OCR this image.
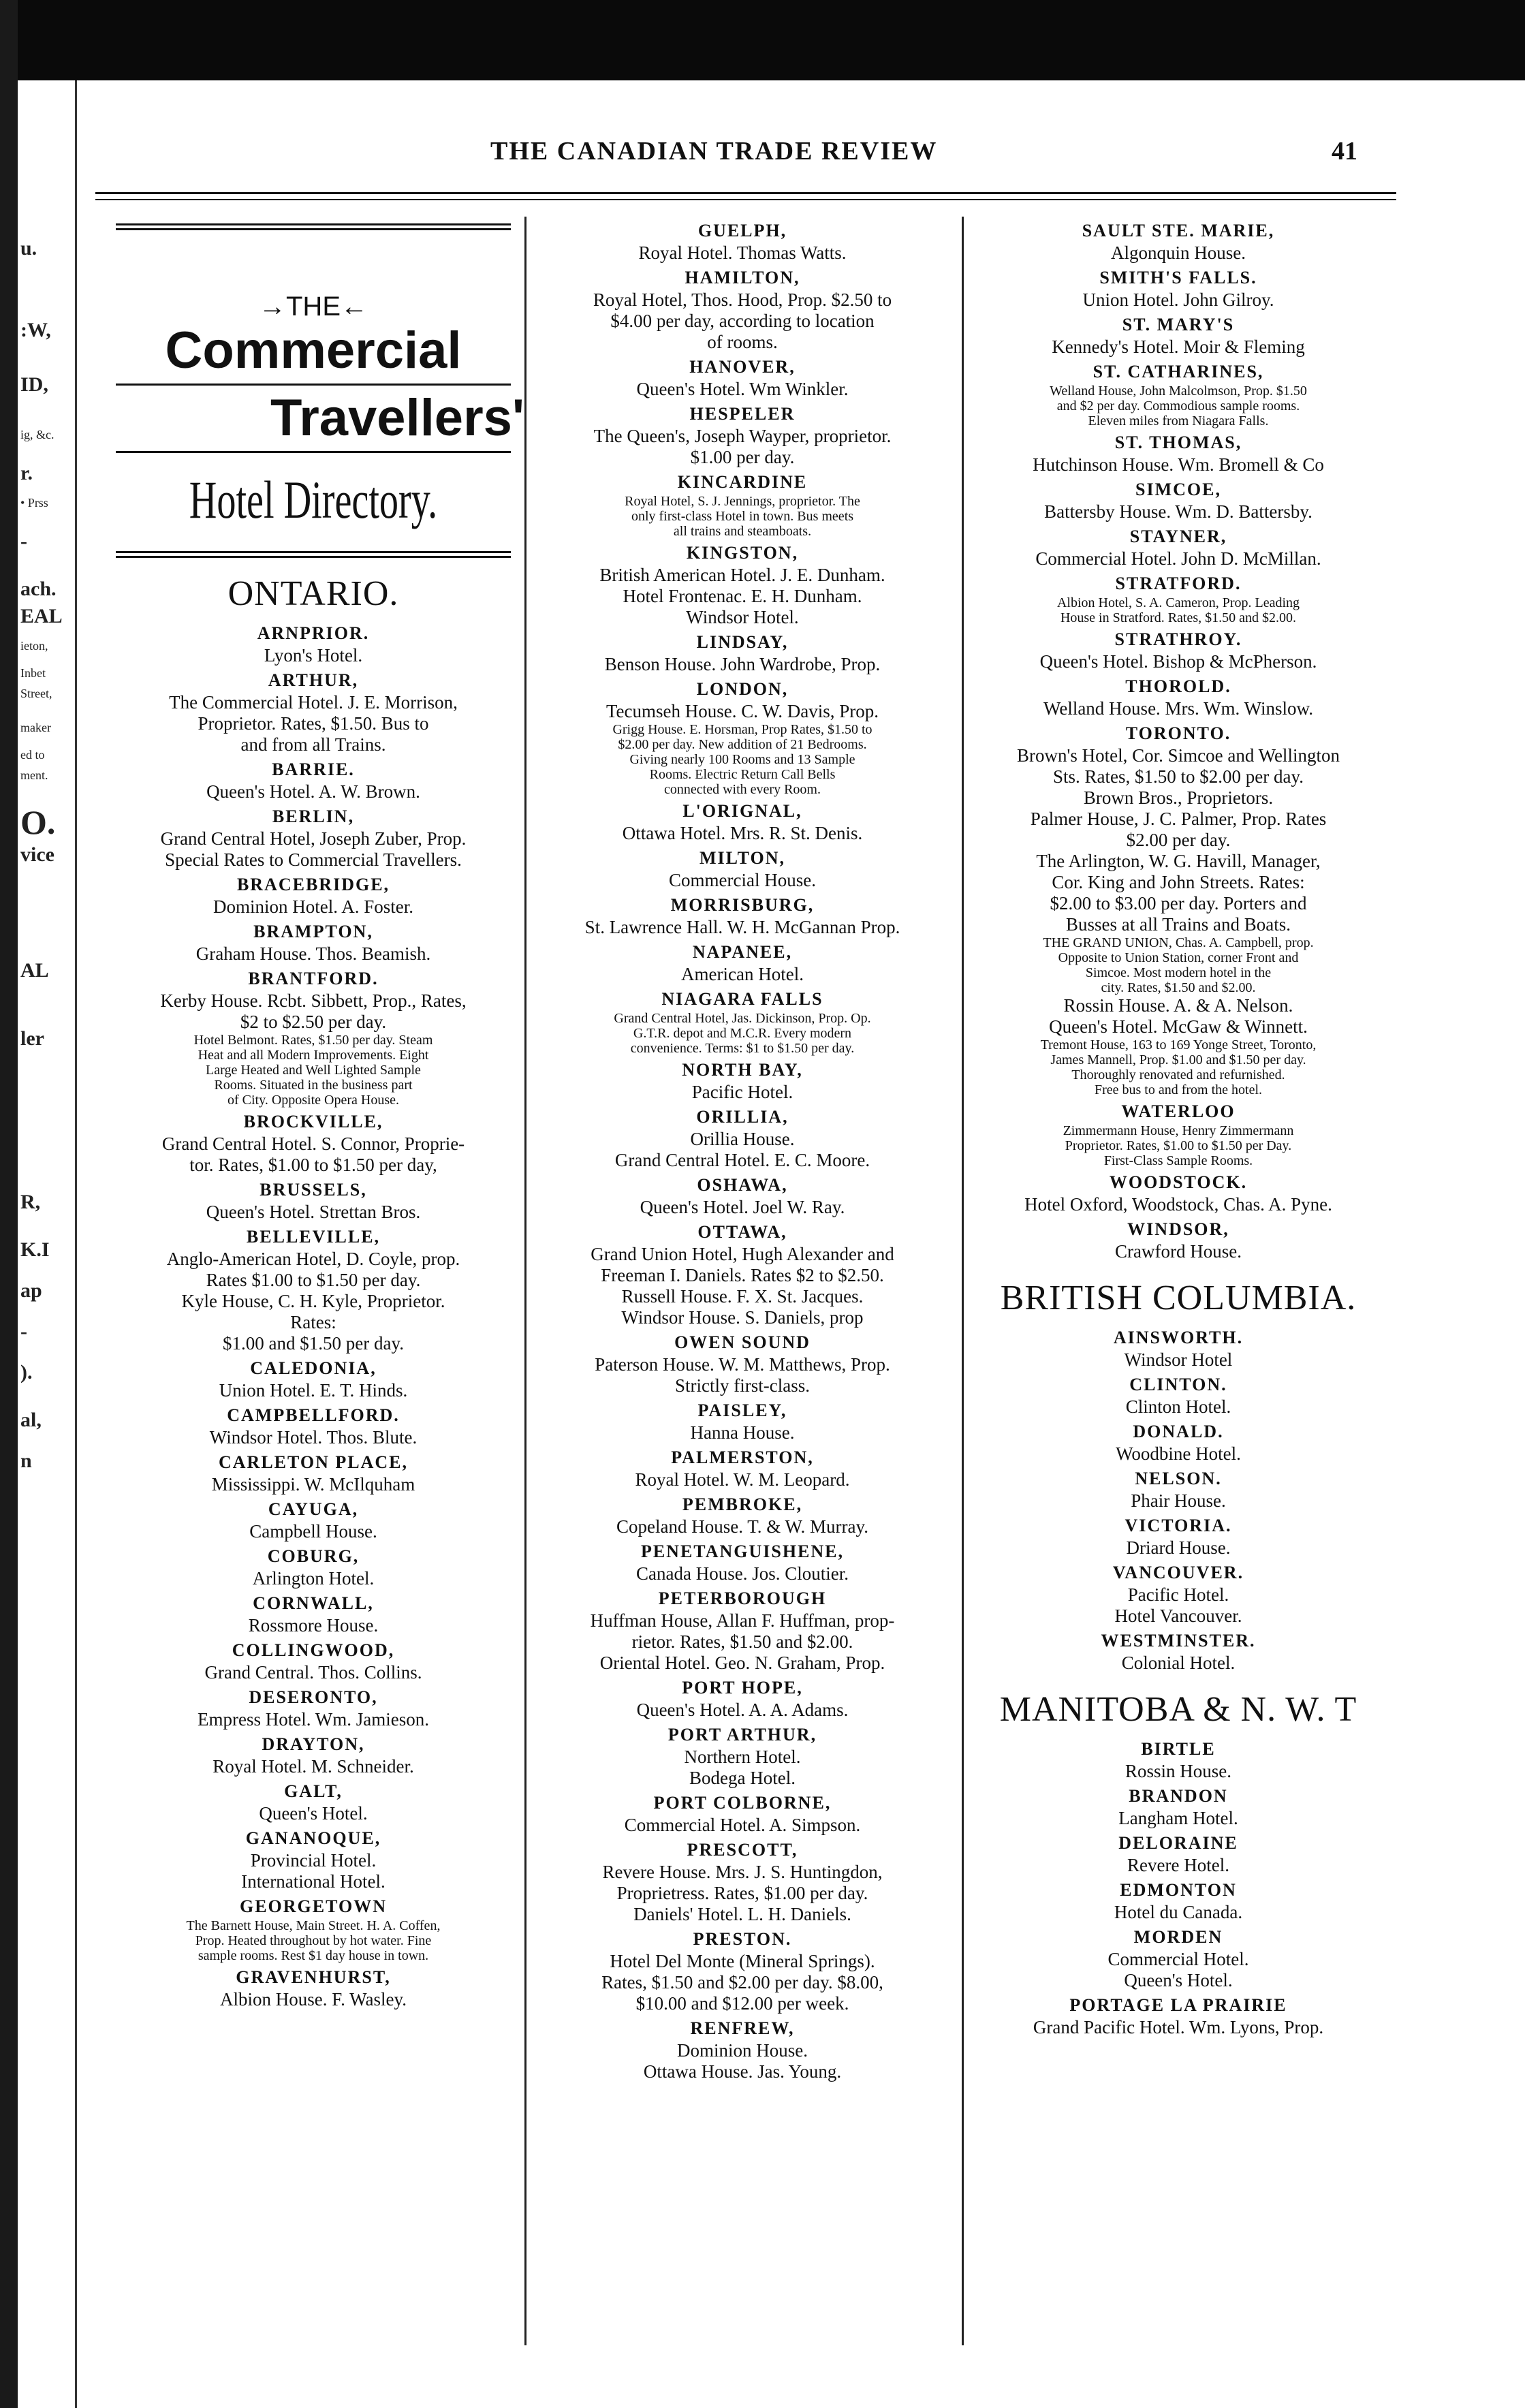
u.
:W,
ID,
ig, &c.
r.
• Prss
-
ach.
EAL
ieton,
Inbet
Street,
maker
ed to
ment.
O.
vice
AL
ler
R,
K.I
ap
-
).
al,
n
THE CANADIAN TRADE REVIEW	41
→THE←
Commercial
Travellers'
Hotel Directory.
ONTARIO.
ARNPRIOR.
Lyon's Hotel.
ARTHUR,
The Commercial Hotel. J. E. Morrison,
Proprietor. Rates, $1.50. Bus to
and from all Trains.
BARRIE.
Queen's Hotel. A. W. Brown.
BERLIN,
Grand Central Hotel, Joseph Zuber, Prop.
Special Rates to Commercial Travellers.
BRACEBRIDGE,
Dominion Hotel. A. Foster.
BRAMPTON,
Graham House. Thos. Beamish.
BRANTFORD.
Kerby House. Rcbt. Sibbett, Prop., Rates,
$2 to $2.50 per day.
Hotel Belmont. Rates, $1.50 per day. Steam
Heat and all Modern Improvements. Eight
Large Heated and Well Lighted Sample
Rooms. Situated in the business part
of City. Opposite Opera House.
BROCKVILLE,
Grand Central Hotel. S. Connor, Proprie-
tor. Rates, $1.00 to $1.50 per day,
BRUSSELS,
Queen's Hotel. Strettan Bros.
BELLEVILLE,
Anglo-American Hotel, D. Coyle, prop.
Rates $1.00 to $1.50 per day.
Kyle House, C. H. Kyle, Proprietor.
Rates:
$1.00 and $1.50 per day.
CALEDONIA,
Union Hotel. E. T. Hinds.
CAMPBELLFORD.
Windsor Hotel. Thos. Blute.
CARLETON PLACE,
Mississippi. W. McIlquham
CAYUGA,
Campbell House.
COBURG,
Arlington Hotel.
CORNWALL,
Rossmore House.
COLLINGWOOD,
Grand Central. Thos. Collins.
DESERONTO,
Empress Hotel. Wm. Jamieson.
DRAYTON,
Royal Hotel. M. Schneider.
GALT,
Queen's Hotel.
GANANOQUE,
Provincial Hotel.
International Hotel.
GEORGETOWN
The Barnett House, Main Street. H. A. Coffen,
Prop. Heated throughout by hot water. Fine
sample rooms. Rest $1 day house in town.
GRAVENHURST,
Albion House. F. Wasley.
GUELPH,
Royal Hotel. Thomas Watts.
HAMILTON,
Royal Hotel, Thos. Hood, Prop. $2.50 to
$4.00 per day, according to location
of rooms.
HANOVER,
Queen's Hotel. Wm Winkler.
HESPELER
The Queen's, Joseph Wayper, proprietor.
$1.00 per day.
KINCARDINE
Royal Hotel, S. J. Jennings, proprietor. The
only first-class Hotel in town. Bus meets
all trains and steamboats.
KINGSTON,
British American Hotel. J. E. Dunham.
Hotel Frontenac. E. H. Dunham.
Windsor Hotel.
LINDSAY,
Benson House. John Wardrobe, Prop.
LONDON,
Tecumseh House. C. W. Davis, Prop.
Grigg House. E. Horsman, Prop Rates, $1.50 to
$2.00 per day. New addition of 21 Bedrooms.
Giving nearly 100 Rooms and 13 Sample
Rooms. Electric Return Call Bells
connected with every Room.
L'ORIGNAL,
Ottawa Hotel. Mrs. R. St. Denis.
MILTON,
Commercial House.
MORRISBURG,
St. Lawrence Hall. W. H. McGannan Prop.
NAPANEE,
American Hotel.
NIAGARA FALLS
Grand Central Hotel, Jas. Dickinson, Prop. Op.
G.T.R. depot and M.C.R. Every modern
convenience. Terms: $1 to $1.50 per day.
NORTH BAY,
Pacific Hotel.
ORILLIA,
Orillia House.
Grand Central Hotel. E. C. Moore.
OSHAWA,
Queen's Hotel. Joel W. Ray.
OTTAWA,
Grand Union Hotel, Hugh Alexander and
Freeman I. Daniels. Rates $2 to $2.50.
Russell House. F. X. St. Jacques.
Windsor House. S. Daniels, prop
OWEN SOUND
Paterson House. W. M. Matthews, Prop.
Strictly first-class.
PAISLEY,
Hanna House.
PALMERSTON,
Royal Hotel. W. M. Leopard.
PEMBROKE,
Copeland House. T. & W. Murray.
PENETANGUISHENE,
Canada House. Jos. Cloutier.
PETERBOROUGH
Huffman House, Allan F. Huffman, prop-
rietor. Rates, $1.50 and $2.00.
Oriental Hotel. Geo. N. Graham, Prop.
PORT HOPE,
Queen's Hotel. A. A. Adams.
PORT ARTHUR,
Northern Hotel.
Bodega Hotel.
PORT COLBORNE,
Commercial Hotel. A. Simpson.
PRESCOTT,
Revere House. Mrs. J. S. Huntingdon,
Proprietress. Rates, $1.00 per day.
Daniels' Hotel. L. H. Daniels.
PRESTON.
Hotel Del Monte (Mineral Springs).
Rates, $1.50 and $2.00 per day. $8.00,
$10.00 and $12.00 per week.
RENFREW,
Dominion House.
Ottawa House. Jas. Young.
SAULT STE. MARIE,
Algonquin House.
SMITH'S FALLS.
Union Hotel. John Gilroy.
ST. MARY'S
Kennedy's Hotel. Moir & Fleming
ST. CATHARINES,
Welland House, John Malcolmson, Prop. $1.50
and $2 per day. Commodious sample rooms.
Eleven miles from Niagara Falls.
ST. THOMAS,
Hutchinson House. Wm. Bromell & Co
SIMCOE,
Battersby House. Wm. D. Battersby.
STAYNER,
Commercial Hotel. John D. McMillan.
STRATFORD.
Albion Hotel, S. A. Cameron, Prop. Leading
House in Stratford. Rates, $1.50 and $2.00.
STRATHROY.
Queen's Hotel. Bishop & McPherson.
THOROLD.
Welland House. Mrs. Wm. Winslow.
TORONTO.
Brown's Hotel, Cor. Simcoe and Wellington
Sts. Rates, $1.50 to $2.00 per day.
Brown Bros., Proprietors.
Palmer House, J. C. Palmer, Prop. Rates
$2.00 per day.
The Arlington, W. G. Havill, Manager,
Cor. King and John Streets. Rates:
$2.00 to $3.00 per day. Porters and
Busses at all Trains and Boats.
THE GRAND UNION, Chas. A. Campbell, prop.
Opposite to Union Station, corner Front and
Simcoe. Most modern hotel in the
city. Rates, $1.50 and $2.00.
Rossin House. A. & A. Nelson.
Queen's Hotel. McGaw & Winnett.
Tremont House, 163 to 169 Yonge Street, Toronto,
James Mannell, Prop. $1.00 and $1.50 per day.
Thoroughly renovated and refurnished.
Free bus to and from the hotel.
WATERLOO
Zimmermann House, Henry Zimmermann
Proprietor. Rates, $1.00 to $1.50 per Day.
First-Class Sample Rooms.
WOODSTOCK.
Hotel Oxford, Woodstock, Chas. A. Pyne.
WINDSOR,
Crawford House.
BRITISH COLUMBIA.
AINSWORTH.
Windsor Hotel
CLINTON.
Clinton Hotel.
DONALD.
Woodbine Hotel.
NELSON.
Phair House.
VICTORIA.
Driard House.
VANCOUVER.
Pacific Hotel.
Hotel Vancouver.
WESTMINSTER.
Colonial Hotel.
MANITOBA & N. W. T
BIRTLE
Rossin House.
BRANDON
Langham Hotel.
DELORAINE
Revere Hotel.
EDMONTON
Hotel du Canada.
MORDEN
Commercial Hotel.
Queen's Hotel.
PORTAGE LA PRAIRIE
Grand Pacific Hotel. Wm. Lyons, Prop.
